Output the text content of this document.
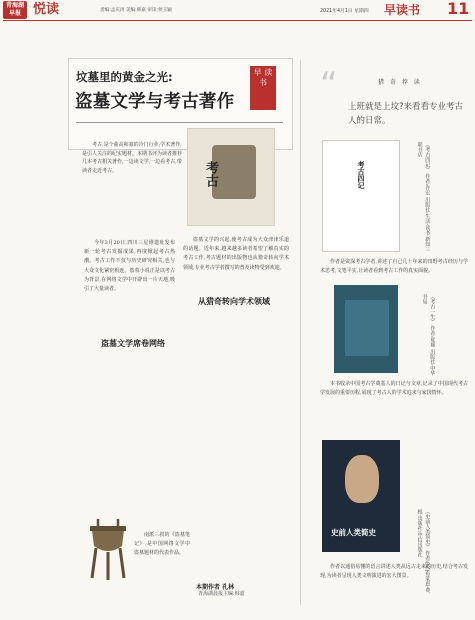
青海湖 早报 悦读	责编:孟庆再 美编:韩嘉 审读:侯玉颖	2021年4月1日 星期四 早读书 11
坟墓里的黄金之光:
盗墓文学与考古著作
早 读 书
考古,是个曲高和寡的冷门行业;学术著作,是引人关注的纪实题材。本期书评为读者推荐几本考古相关著作,一边读文学,一边看考古,带读者走近考古。	考古
今年3月20日,四川三星堆遗址发布新一轮考古发掘成果,再度掀起考古热潮。考古工作不仅与历史研究相关,也与大众文化紧密相连。盗墓小说正是以考古为背景,在网络文学中开辟出一片天地,吸引了大量读者。
盗墓文学席卷网络
盗墓文学的兴起,使考古成为大众津津乐道的话题。近年来,越来越多读者希望了解真实的考古工作,考古题材的出版物也从猎奇转向学术领域,专业考古学者撰写的普及读物受到欢迎。
从猎奇转向学术领域
南派三叔的《盗墓笔记》,是中国网络文学中盗墓题材的代表作品。
本期作者 孔林
青海湖晨报主编:韩嘉
猎 奇 荐 读
“
上班就是上坟?来看看专业考古人的日常。
考古四记	《考古四记》 作者:许宏 出版社:生活·读书·新知三联书店
作者是资深考古学者,讲述了自己几十年来的田野考古经历与学术思考,文笔平实,让读者看到考古工作的真实面貌。
《考古一生》 作者:夏鼐 出版社:中华书局
本书收录中国考古学奠基人的日记与文章,记录了中国现代考古学发展的重要历程,展现了考古人的学术追求与家国情怀。
史前人类简史	《史前人类简史》 作者:[英]布莱恩·费根 出版社:中信出版社
作者以通俗易懂的语言讲述人类从远古走来的历史,结合考古发现,为读者呈现人类文明演进的宏大图景。
